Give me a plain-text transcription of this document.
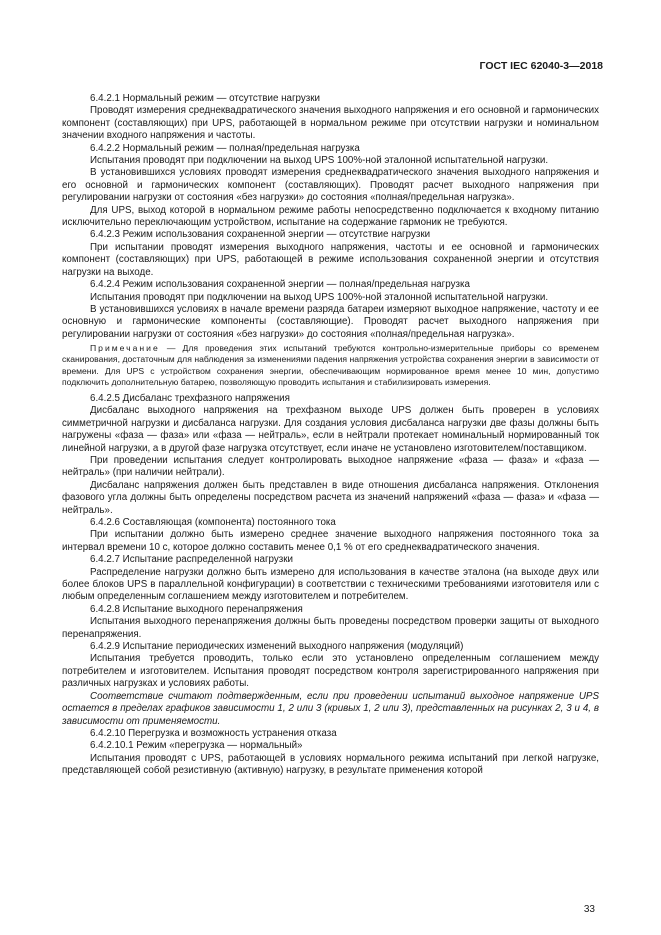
ГОСТ IEC 62040-3—2018
6.4.2.1 Нормальный режим — отсутствие нагрузки
Проводят измерения среднеквадратического значения выходного напряжения и его основной и гармонических компонент (составляющих) при UPS, работающей в нормальном режиме при отсутствии нагрузки и номинальном значении входного напряжения и частоты.
6.4.2.2 Нормальный режим — полная/предельная нагрузка
Испытания проводят при подключении на выход UPS 100%-ной эталонной испытательной нагрузки.
В установившихся условиях проводят измерения среднеквадратического значения выходного напряжения и его основной и гармонических компонент (составляющих). Проводят расчет выходного напряжения при регулировании нагрузки от состояния «без нагрузки» до состояния «полная/предельная нагрузка».
Для UPS, выход которой в нормальном режиме работы непосредственно подключается к входному питанию исключительно переключающим устройством, испытание на содержание гармоник не требуются.
6.4.2.3 Режим использования сохраненной энергии — отсутствие нагрузки
При испытании проводят измерения выходного напряжения, частоты и ее основной и гармонических компонент (составляющих) при UPS, работающей в режиме использования сохраненной энергии и отсутствия нагрузки на выходе.
6.4.2.4 Режим использования сохраненной энергии — полная/предельная нагрузка
Испытания проводят при подключении на выход UPS 100%-ной эталонной испытательной нагрузки.
В установившихся условиях в начале времени разряда батареи измеряют выходное напряжение, частоту и ее основную и гармонические компоненты (составляющие). Проводят расчет выходного напряжения при регулировании нагрузки от состояния «без нагрузки» до состояния «полная/предельная нагрузка».
Примечание — Для проведения этих испытаний требуются контрольно-измерительные приборы со временем сканирования, достаточным для наблюдения за изменениями падения напряжения устройства сохранения энергии в зависимости от времени. Для UPS с устройством сохранения энергии, обеспечивающим нормированное время менее 10 мин, допустимо подключить дополнительную батарею, позволяющую проводить испытания и стабилизировать измерения.
6.4.2.5 Дисбаланс трехфазного напряжения
Дисбаланс выходного напряжения на трехфазном выходе UPS должен быть проверен в условиях симметричной нагрузки и дисбаланса нагрузки. Для создания условия дисбаланса нагрузки две фазы должны быть нагружены «фаза — фаза» или «фаза — нейтраль», если в нейтрали протекает номинальный нормированный ток линейной нагрузки, а в другой фазе нагрузка отсутствует, если иначе не установлено изготовителем/поставщиком.
При проведении испытания следует контролировать выходное напряжение «фаза — фаза» и «фаза — нейтраль» (при наличии нейтрали).
Дисбаланс напряжения должен быть представлен в виде отношения дисбаланса напряжения. Отклонения фазового угла должны быть определены посредством расчета из значений напряжений «фаза — фаза» и «фаза — нейтраль».
6.4.2.6 Составляющая (компонента) постоянного тока
При испытании должно быть измерено среднее значение выходного напряжения постоянного тока за интервал времени 10 с, которое должно составить менее 0,1 % от его среднеквадратического значения.
6.4.2.7 Испытание распределенной нагрузки
Распределение нагрузки должно быть измерено для использования в качестве эталона (на выходе двух или более блоков UPS в параллельной конфигурации) в соответствии с техническими требованиями изготовителя или с любым определенным соглашением между изготовителем и потребителем.
6.4.2.8 Испытание выходного перенапряжения
Испытания выходного перенапряжения должны быть проведены посредством проверки защиты от выходного перенапряжения.
6.4.2.9 Испытание периодических изменений выходного напряжения (модуляций)
Испытания требуется проводить, только если это установлено определенным соглашением между потребителем и изготовителем. Испытания проводят посредством контроля зарегистрированного напряжения при различных нагрузках и условиях работы.
Соответствие считают подтвержденным, если при проведении испытаний выходное напряжение UPS остается в пределах графиков зависимости 1, 2 или 3 (кривых 1, 2 или 3), представленных на рисунках 2, 3 и 4, в зависимости от применяемости.
6.4.2.10 Перегрузка и возможность устранения отказа
6.4.2.10.1 Режим «перегрузка — нормальный»
Испытания проводят с UPS, работающей в условиях нормального режима испытаний при легкой нагрузке, представляющей собой резистивную (активную) нагрузку, в результате применения которой
33
